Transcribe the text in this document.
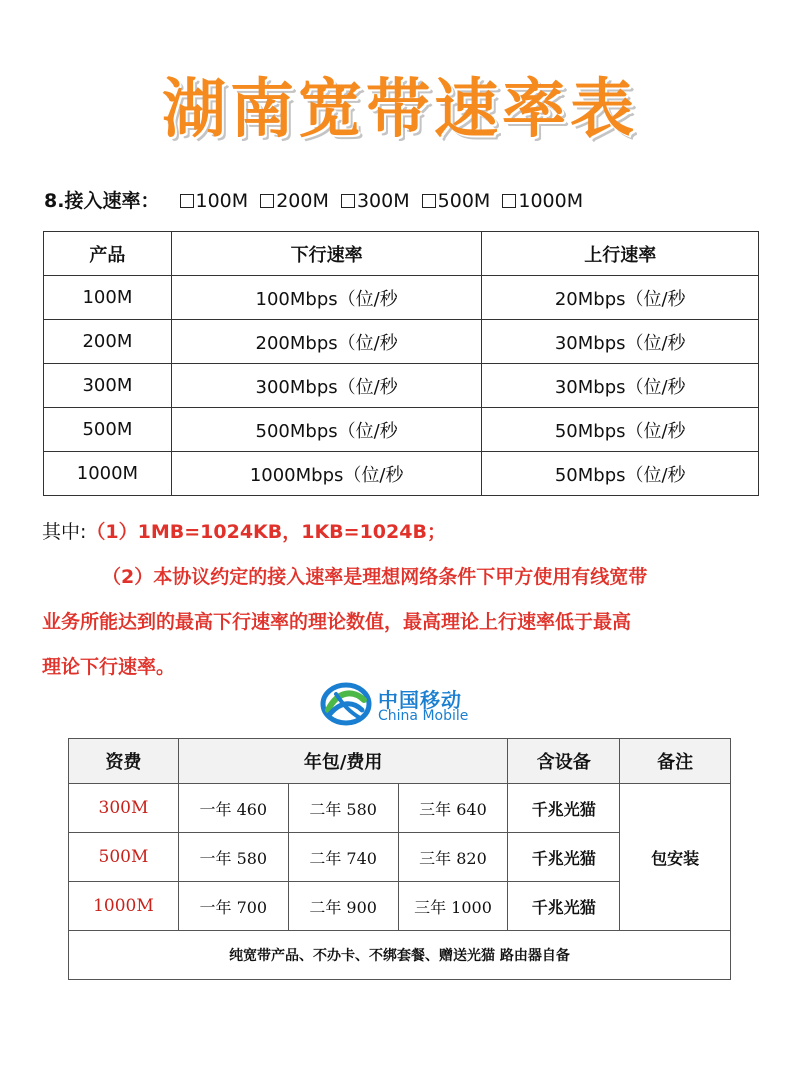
湖南宽带速率表
8.接入速率： 100M 200M 300M 500M 1000M
产品	下行速率	上行速率
100M	100Mbps（位/秒	20Mbps（位/秒
200M	200Mbps（位/秒	30Mbps（位/秒
300M	300Mbps（位/秒	30Mbps（位/秒
500M	500Mbps（位/秒	50Mbps（位/秒
1000M	1000Mbps（位/秒	50Mbps（位/秒
其中:（1）1MB=1024KB，1KB=1024B；
（2）本协议约定的接入速率是理想网络条件下甲方使用有线宽带
业务所能达到的最高下行速率的理论数值，最高理论上行速率低于最高
理论下行速率。
中国移动
China Mobile
资费	年包/费用			含设备	备注
300M	一年 460	二年 580	三年 640	千兆光猫	包安装
500M	一年 580	二年 740	三年 820	千兆光猫	
1000M	一年 700	二年 900	三年 1000	千兆光猫	
纯宽带产品、不办卡、不绑套餐、赠送光猫 路由器自备					
